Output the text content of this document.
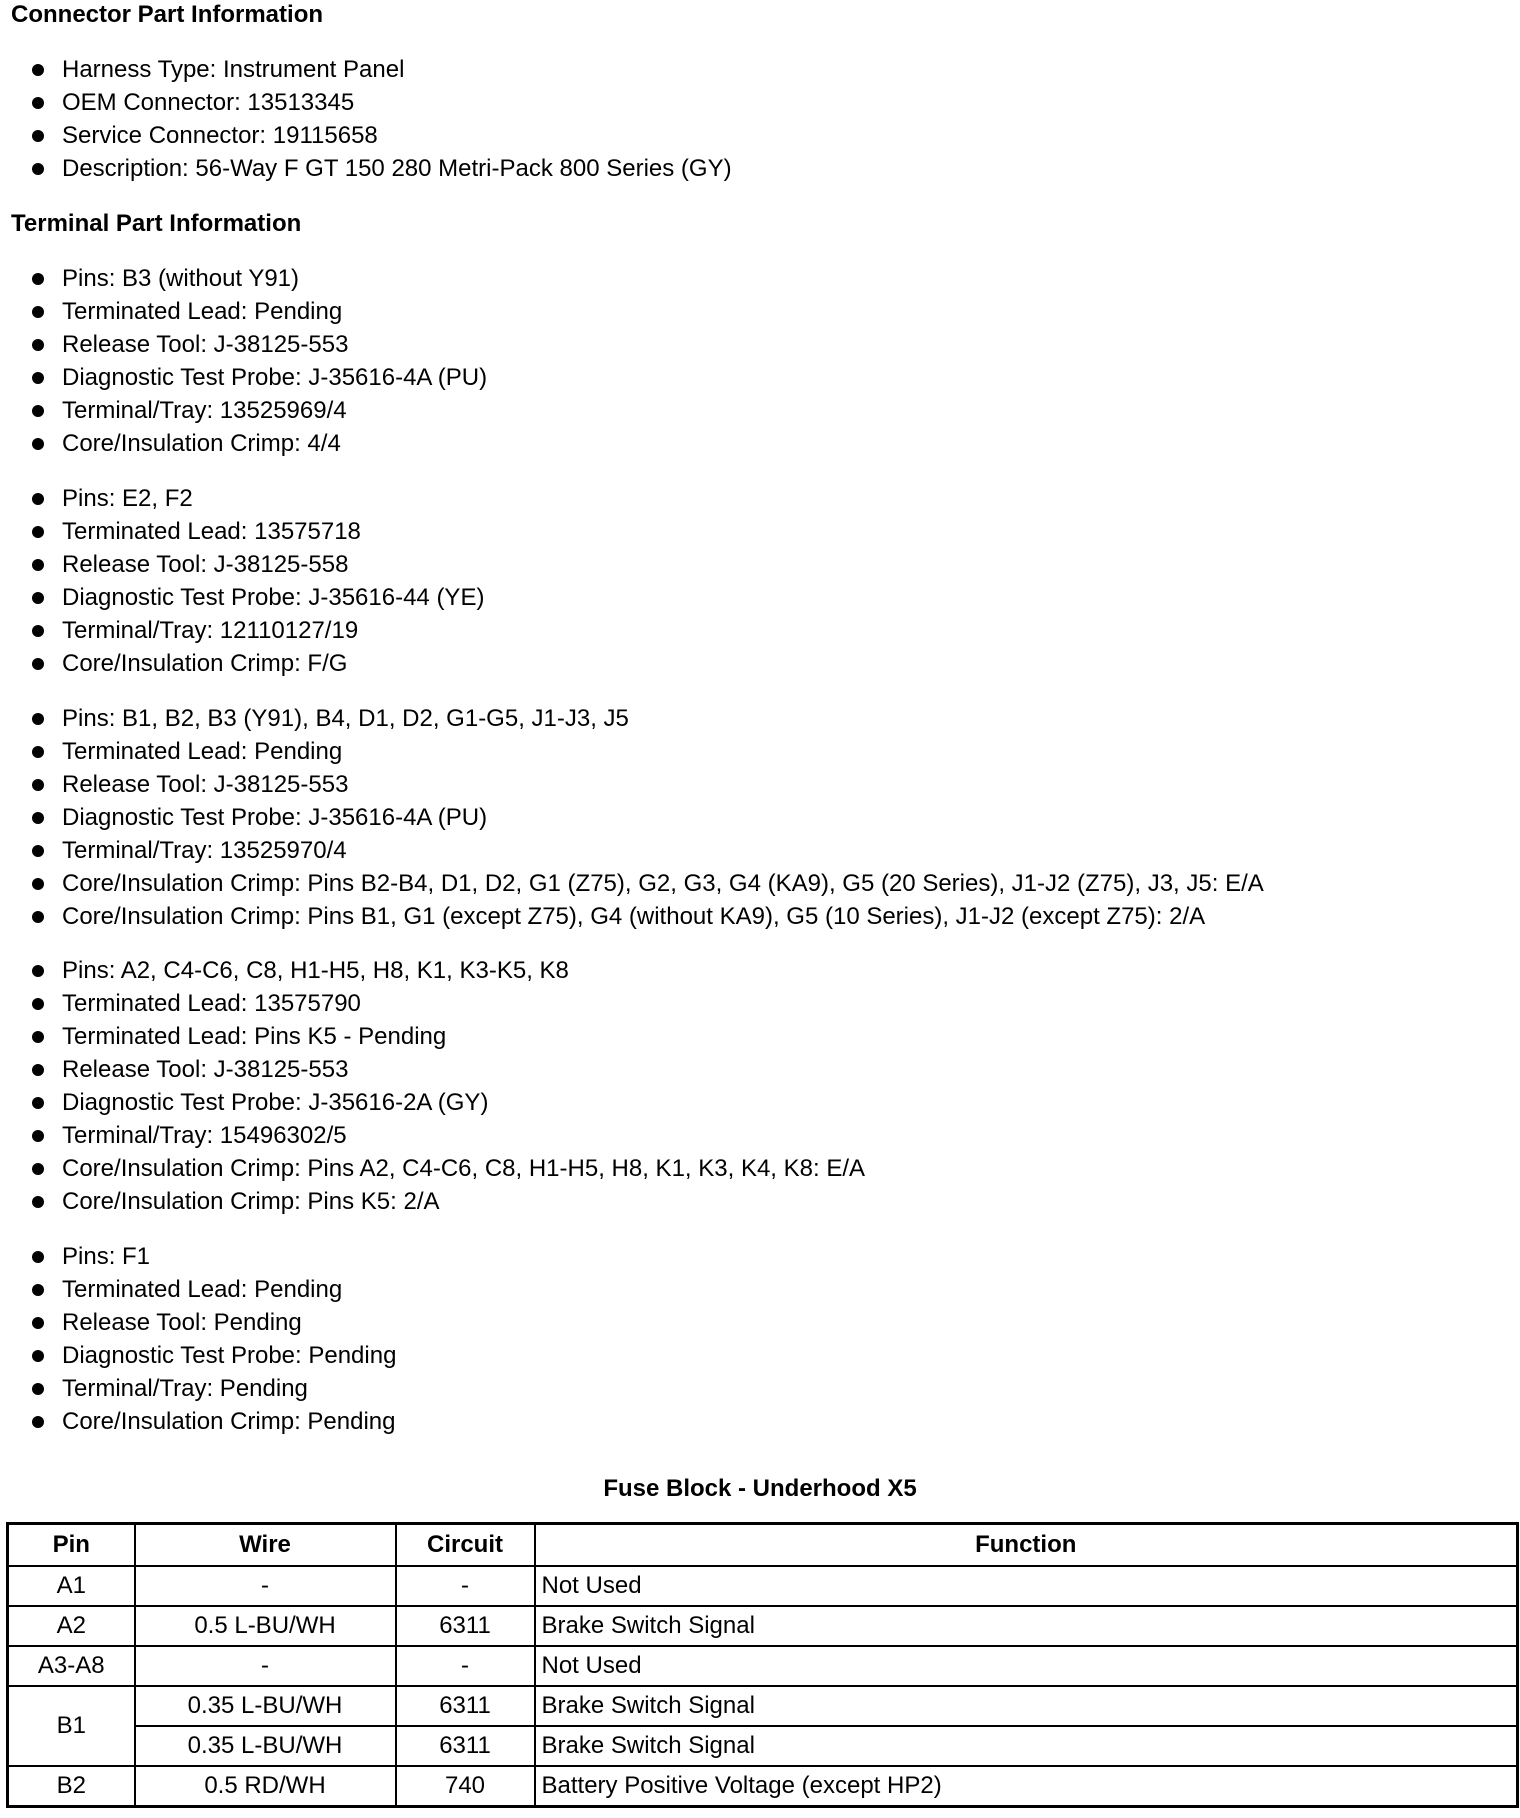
Connector Part Information
Harness Type: Instrument Panel
OEM Connector: 13513345
Service Connector: 19115658
Description: 56-Way F GT 150 280 Metri-Pack 800 Series (GY)
Terminal Part Information
Pins: B3 (without Y91)
Terminated Lead: Pending
Release Tool: J-38125-553
Diagnostic Test Probe: J-35616-4A (PU)
Terminal/Tray: 13525969/4
Core/Insulation Crimp: 4/4
Pins: E2, F2
Terminated Lead: 13575718
Release Tool: J-38125-558
Diagnostic Test Probe: J-35616-44 (YE)
Terminal/Tray: 12110127/19
Core/Insulation Crimp: F/G
Pins: B1, B2, B3 (Y91), B4, D1, D2, G1-G5, J1-J3, J5
Terminated Lead: Pending
Release Tool: J-38125-553
Diagnostic Test Probe: J-35616-4A (PU)
Terminal/Tray: 13525970/4
Core/Insulation Crimp: Pins B2-B4, D1, D2, G1 (Z75), G2, G3, G4 (KA9), G5 (20 Series), J1-J2 (Z75), J3, J5: E/A
Core/Insulation Crimp: Pins B1, G1 (except Z75), G4 (without KA9), G5 (10 Series), J1-J2 (except Z75): 2/A
Pins: A2, C4-C6, C8, H1-H5, H8, K1, K3-K5, K8
Terminated Lead: 13575790
Terminated Lead: Pins K5 - Pending
Release Tool: J-38125-553
Diagnostic Test Probe: J-35616-2A (GY)
Terminal/Tray: 15496302/5
Core/Insulation Crimp: Pins A2, C4-C6, C8, H1-H5, H8, K1, K3, K4, K8: E/A
Core/Insulation Crimp: Pins K5: 2/A
Pins: F1
Terminated Lead: Pending
Release Tool: Pending
Diagnostic Test Probe: Pending
Terminal/Tray: Pending
Core/Insulation Crimp: Pending
Fuse Block - Underhood X5
Pin	Wire	Circuit	Function
A1	-	-	Not Used
A2	0.5 L-BU/WH	6311	Brake Switch Signal
A3-A8	-	-	Not Used
B1	0.35 L-BU/WH	6311	Brake Switch Signal
	0.35 L-BU/WH	6311	Brake Switch Signal
B2	0.5 RD/WH	740	Battery Positive Voltage (except HP2)
